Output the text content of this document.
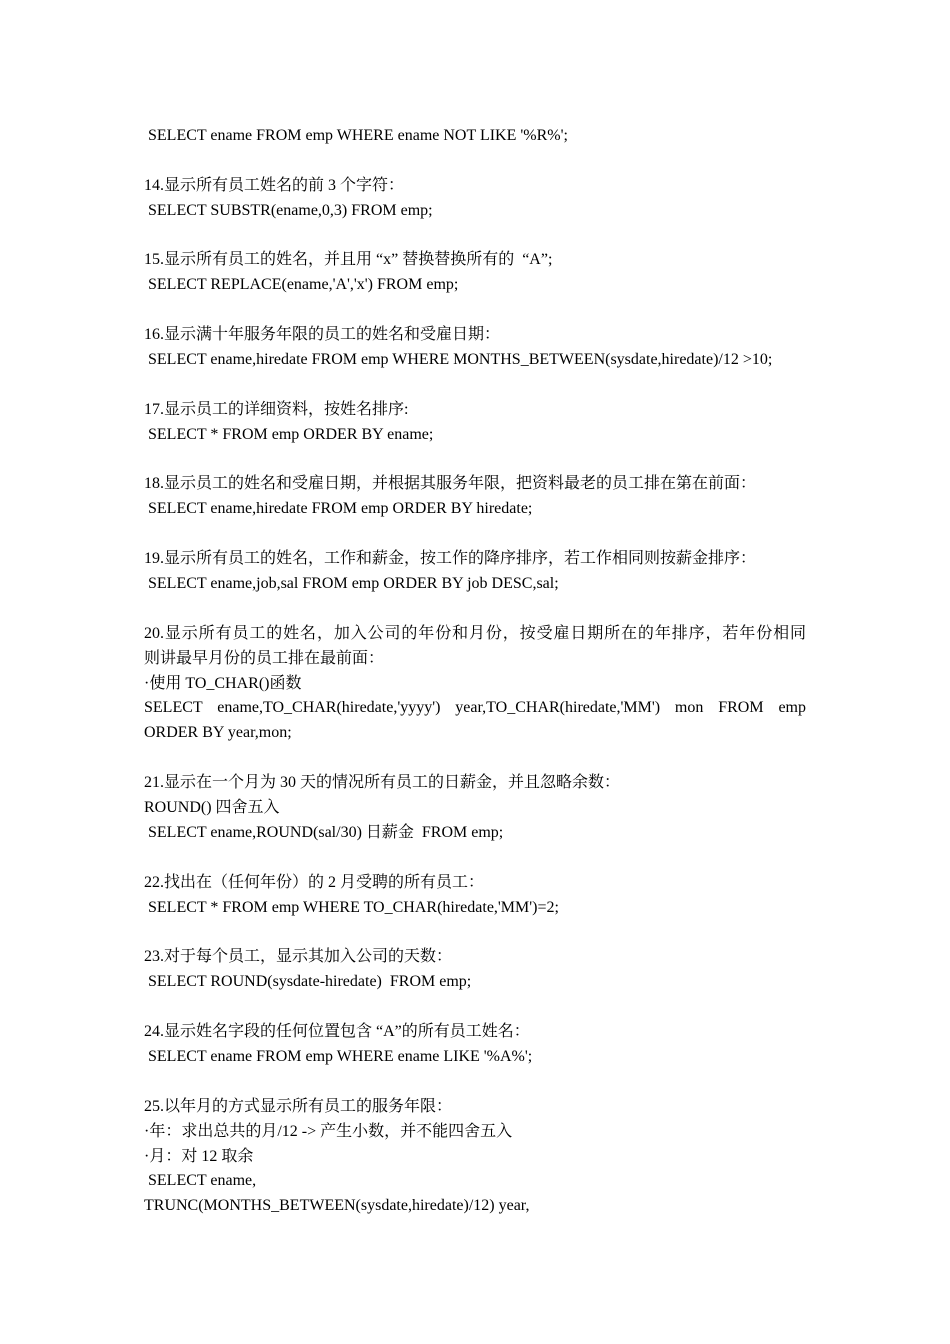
SELECT ename FROM emp WHERE ename NOT LIKE '%R%';
14.显示所有员工姓名的前 3 个字符：
SELECT SUBSTR(ename,0,3) FROM emp;
15.显示所有员工的姓名，并且用 “x” 替换替换所有的  “A”;
SELECT REPLACE(ename,'A','x') FROM emp;
16.显示满十年服务年限的员工的姓名和受雇日期：
SELECT ename,hiredate FROM emp WHERE MONTHS_BETWEEN(sysdate,hiredate)/12 >10;
17.显示员工的详细资料，按姓名排序:
SELECT * FROM emp ORDER BY ename;
18.显示员工的姓名和受雇日期，并根据其服务年限，把资料最老的员工排在第在前面：
SELECT ename,hiredate FROM emp ORDER BY hiredate;
19.显示所有员工的姓名，工作和薪金，按工作的降序排序，若工作相同则按薪金排序：
SELECT ename,job,sal FROM emp ORDER BY job DESC,sal;
20.显示所有员工的姓名，加入公司的年份和月份，按受雇日期所在的年排序，若年份相同
则讲最早月份的员工排在最前面：
·使用 TO_CHAR()函数
SELECT ename,TO_CHAR(hiredate,'yyyy') year,TO_CHAR(hiredate,'MM') mon FROM emp
ORDER BY year,mon;
21.显示在一个月为 30 天的情况所有员工的日薪金，并且忽略余数：
ROUND() 四舍五入
SELECT ename,ROUND(sal/30) 日薪金  FROM emp;
22.找出在（任何年份）的 2 月受聘的所有员工：
SELECT * FROM emp WHERE TO_CHAR(hiredate,'MM')=2;
23.对于每个员工，显示其加入公司的天数：
SELECT ROUND(sysdate-hiredate)  FROM emp;
24.显示姓名字段的任何位置包含 “A”的所有员工姓名：
SELECT ename FROM emp WHERE ename LIKE '%A%';
25.以年月的方式显示所有员工的服务年限：
·年：求出总共的月/12 -> 产生小数，并不能四舍五入
·月：对 12 取余
SELECT ename,
TRUNC(MONTHS_BETWEEN(sysdate,hiredate)/12) year,
